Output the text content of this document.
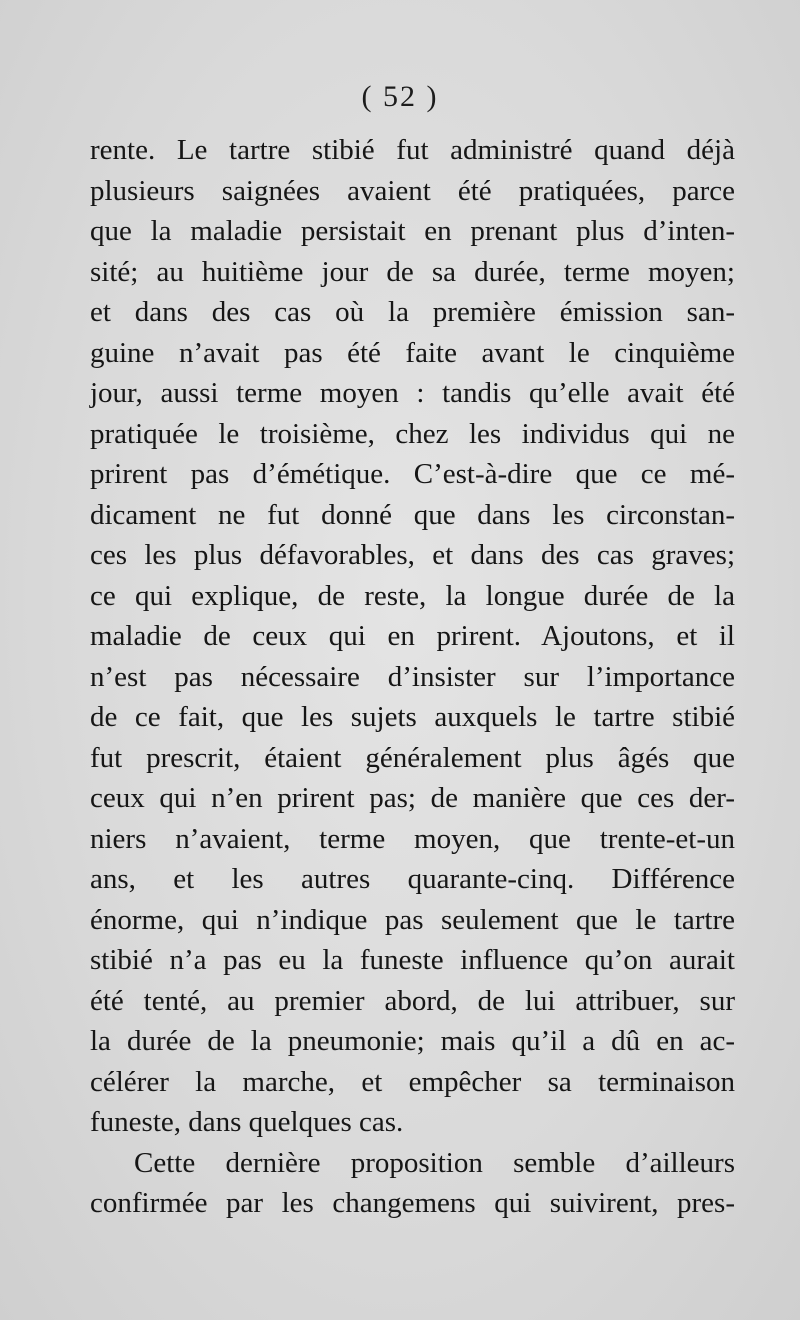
( 52 )

rente. Le tartre stibié fut administré quand déjà
plusieurs saignées avaient été pratiquées, parce
que la maladie persistait en prenant plus d’inten-
sité; au huitième jour de sa durée, terme moyen;
et dans des cas où la première émission san-
guine n’avait pas été faite avant le cinquième
jour, aussi terme moyen : tandis qu’elle avait été
pratiquée le troisième, chez les individus qui ne
prirent pas d’émétique. C’est-à-dire que ce mé-
dicament ne fut donné que dans les circonstan-
ces les plus défavorables, et dans des cas graves;
ce qui explique, de reste, la longue durée de la
maladie de ceux qui en prirent. Ajoutons, et il
n’est pas nécessaire d’insister sur l’importance
de ce fait, que les sujets auxquels le tartre stibié
fut prescrit, étaient généralement plus âgés que
ceux qui n’en prirent pas; de manière que ces der-
niers n’avaient, terme moyen, que trente-et-un
ans, et les autres quarante-cinq. Différence
énorme, qui n’indique pas seulement que le tartre
stibié n’a pas eu la funeste influence qu’on aurait
été tenté, au premier abord, de lui attribuer, sur
la durée de la pneumonie; mais qu’il a dû en ac-
célérer la marche, et empêcher sa terminaison
funeste, dans quelques cas.
Cette dernière proposition semble d’ailleurs
confirmée par les changemens qui suivirent, pres-
